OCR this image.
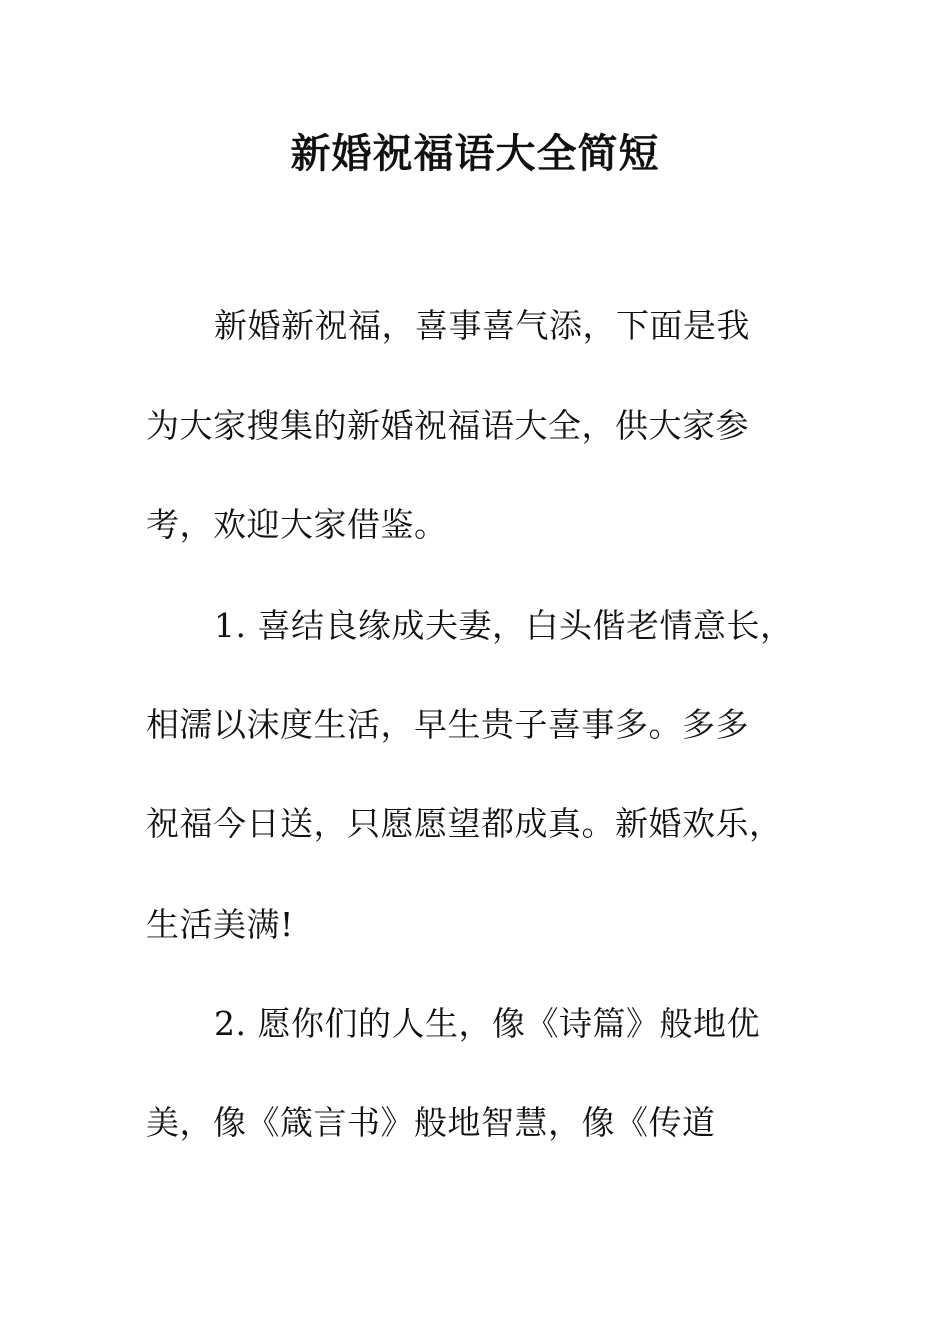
新婚祝福语大全简短

新婚新祝福，喜事喜气添，下面是我

为大家搜集的新婚祝福语大全，供大家参

考，欢迎大家借鉴。

1. 喜结良缘成夫妻，白头偕老情意长，

相濡以沫度生活，早生贵子喜事多。多多

祝福今日送，只愿愿望都成真。新婚欢乐，

生活美满!

2. 愿你们的人生，像《诗篇》般地优

美，像《箴言书》般地智慧，像《传道
